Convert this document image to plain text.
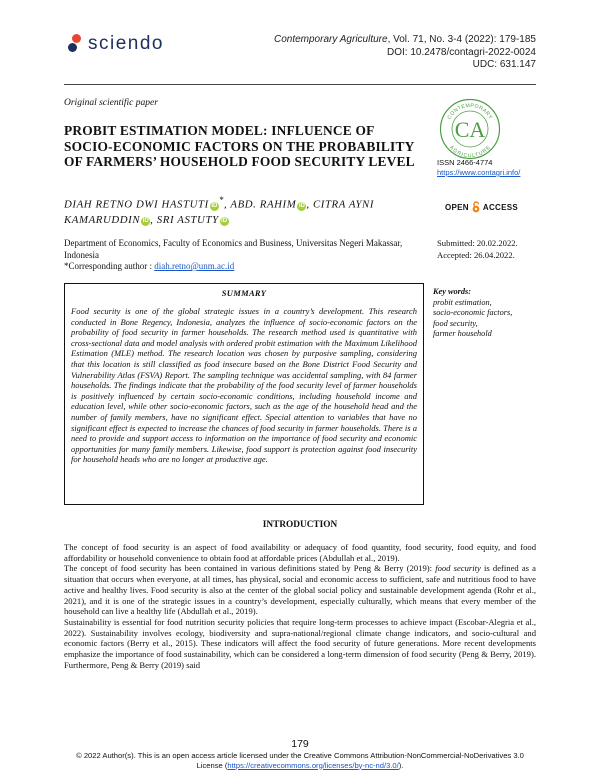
sciendo	Contemporary Agriculture, Vol. 71, No. 3-4 (2022): 179-185
DOI: 10.2478/contagri-2022-0024
UDC: 631.147
Original scientific paper
PROBIT ESTIMATION MODEL: INFLUENCE OF SOCIO-ECONOMIC FACTORS ON THE PROBABILITY OF FARMERS’ HOUSEHOLD FOOD SECURITY LEVEL
CONTEMPORARY
AGRICULTURE
CA
ISSN 2466-4774
https://www.contagri.info/
DIAH RETNO DWI HASTUTI iD*, ABD. RAHIM iD , CITRA AYNI KAMARUDDIN iD , SRI ASTUTY iD
OPEN ACCESS
Department of Economics, Faculty of Economics and Business, Universitas Negeri Makassar, Indonesia
*Corresponding author : diah.retno@unm.ac.id
Submitted: 20.02.2022.
Accepted: 26.04.2022.
SUMMARY
Food security is one of the global strategic issues in a country’s development. This research conducted in Bone Regency, Indonesia, analyzes the influence of socio-economic factors on the probability of food security in farmer households. The research method used is quantitative with cross-sectional data and model analysis with ordered probit estimation with the Maximum Likelihood Estimation (MLE) method. The research location was chosen by purposive sampling, considering that this location is still classified as food insecure based on the Bone District Food Security and Vulnerability Atlas (FSVA) Report. The sampling technique was accidental sampling, with 84 farmer households. The findings indicate that the probability of the food security level of farmer households is positively influenced by certain socio-economic conditions, including household income and education level, while other socio-economic factors, such as the age of the household head and the number of family members, have no significant effect. Special attention to variables that have no significant effect is expected to increase the chances of food security in farmer households. There is a need to provide and support access to information on the importance of food security and economic opportunities for many family members. Likewise, food support is protection against food insecurity for household heads who are no longer at productive age.
Key words:
probit estimation,
socio-economic factors,
food security,
farmer household
INTRODUCTION

The concept of food security is an aspect of food availability or adequacy of food quantity, food security, food equity, and food affordability or household convenience to obtain food at affordable prices (Abdullah et al., 2019).

The concept of food security has been contained in various definitions stated by Peng & Berry (2019): food security is defined as a situation that occurs when everyone, at all times, has physical, social and economic access to sufficient, safe and nutritious food to have active and healthy lives. Food security is also at the center of the global social policy and sustainable development agenda (Rohr et al., 2021), and it is one of the strategic issues in a country’s development, especially culturally, which means that every member of the household can live a healthy life (Abdullah et al., 2019).

Sustainability is essential for food nutrition security policies that require long-term processes to achieve impact (Escobar-Alegria et al., 2022). Sustainability involves ecology, biodiversity and supra-national/regional climate change indicators, and socio-cultural and economic factors (Berry et al., 2015). These indicators will affect the food security of future generations. More recent developments emphasize the importance of food sustainability, which can be considered a long-term dimension of food security (Peng & Berry, 2019). Furthermore, Peng & Berry (2019) said

179
© 2022 Author(s). This is an open access article licensed under the Creative Commons Attribution-NonCommercial-NoDerivatives 3.0 License (https://creativecommons.org/licenses/by-nc-nd/3.0/).
